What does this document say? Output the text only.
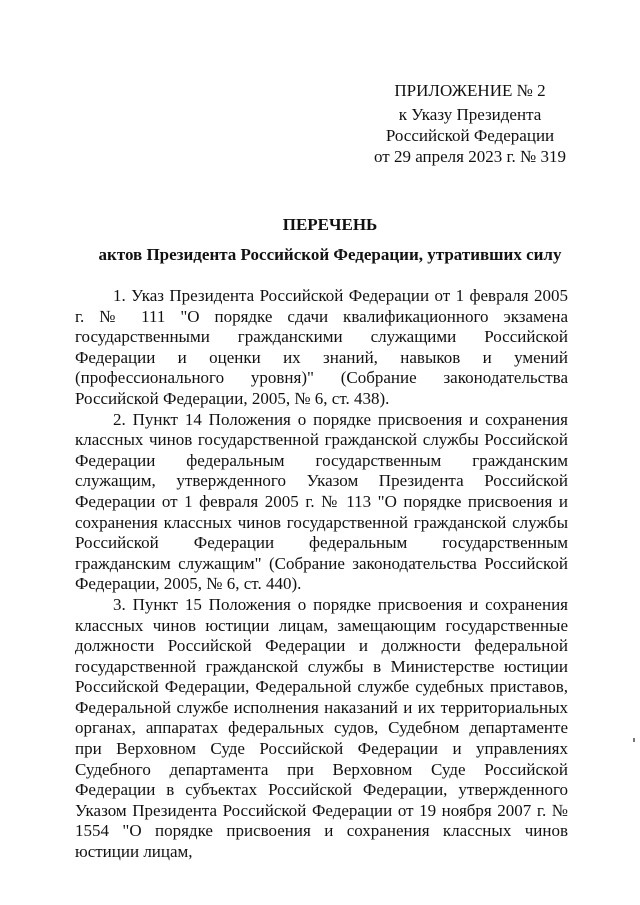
ПРИЛОЖЕНИЕ № 2
к Указу Президента
Российской Федерации
от 29 апреля 2023 г. № 319
ПЕРЕЧЕНЬ
актов Президента Российской Федерации, утративших силу

1. Указ Президента Российской Федерации от 1 февраля 2005 г. № 111 "О порядке сдачи квалификационного экзамена государственными гражданскими служащими Российской Федерации и оценки их знаний, навыков и умений (профессионального уровня)" (Собрание законодательства Российской Федерации, 2005, № 6, ст. 438).

2. Пункт 14 Положения о порядке присвоения и сохранения классных чинов государственной гражданской службы Российской Федерации федеральным государственным гражданским служащим, утвержденного Указом Президента Российской Федерации от 1 февраля 2005 г. № 113 "О порядке присвоения и сохранения классных чинов государственной гражданской службы Российской Федерации федеральным государственным гражданским служащим" (Собрание законодательства Российской Федерации, 2005, № 6, ст. 440).

3. Пункт 15 Положения о порядке присвоения и сохранения классных чинов юстиции лицам, замещающим государственные должности Российской Федерации и должности федеральной государственной гражданской службы в Министерстве юстиции Российской Федерации, Федеральной службе судебных приставов, Федеральной службе исполнения наказаний и их территориальных органах, аппаратах федеральных судов, Судебном департаменте при Верховном Суде Российской Федерации и управлениях Судебного департамента при Верховном Суде Российской Федерации в субъектах Российской Федерации, утвержденного Указом Президента Российской Федерации от 19 ноября 2007 г. № 1554 "О порядке присвоения и сохранения классных чинов юстиции лицам,
